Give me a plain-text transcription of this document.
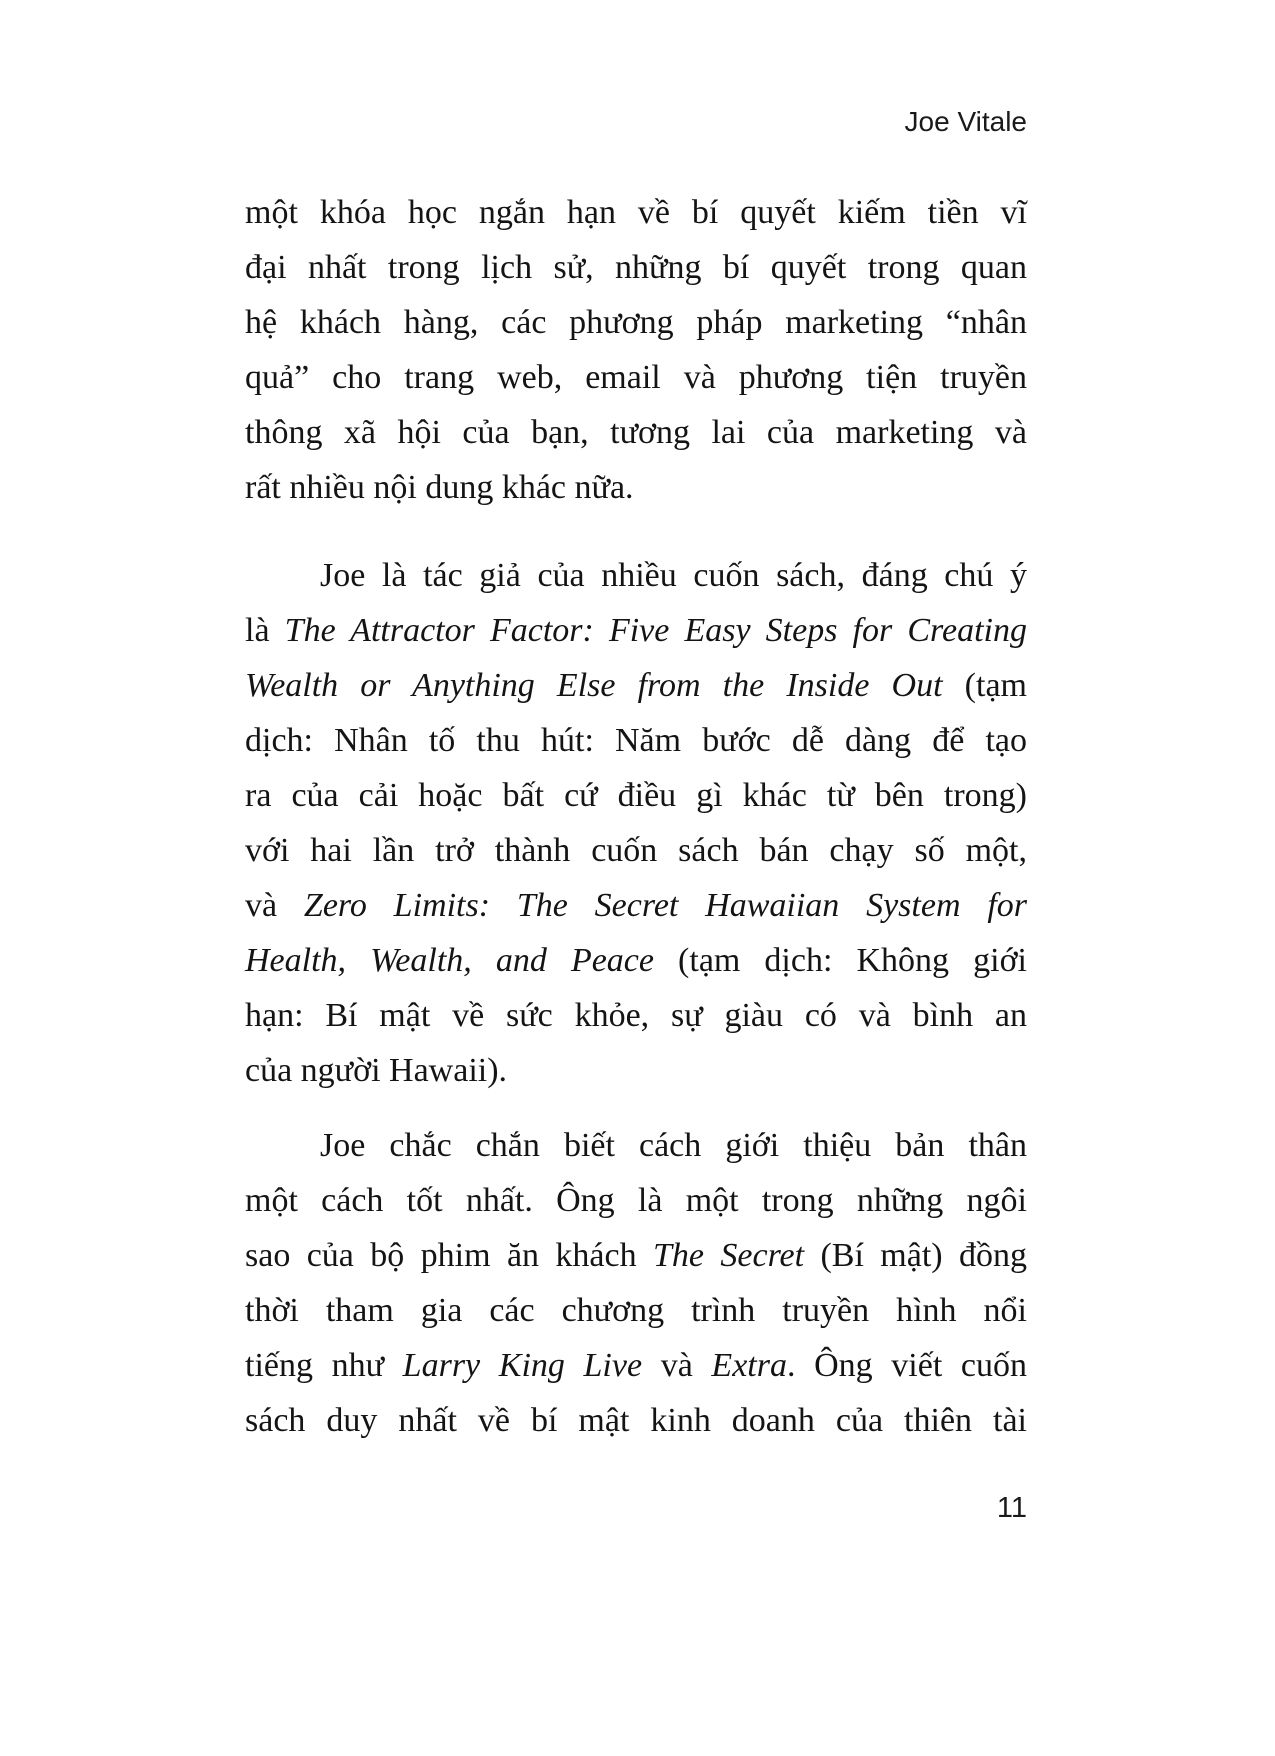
Joe Vitale
một khóa học ngắn hạn về bí quyết kiếm tiền vĩ
đại nhất trong lịch sử, những bí quyết trong quan
hệ khách hàng, các phương pháp marketing “nhân
quả” cho trang web, email và phương tiện truyền
thông xã hội của bạn, tương lai của marketing và
rất nhiều nội dung khác nữa.
Joe là tác giả của nhiều cuốn sách, đáng chú ý
là The Attractor Factor: Five Easy Steps for Creating
Wealth or Anything Else from the Inside Out (tạm
dịch: Nhân tố thu hút: Năm bước dễ dàng để tạo
ra của cải hoặc bất cứ điều gì khác từ bên trong)
với hai lần trở thành cuốn sách bán chạy số một,
và Zero Limits: The Secret Hawaiian System for
Health, Wealth, and Peace (tạm dịch: Không giới
hạn: Bí mật về sức khỏe, sự giàu có và bình an
của người Hawaii).
Joe chắc chắn biết cách giới thiệu bản thân
một cách tốt nhất. Ông là một trong những ngôi
sao của bộ phim ăn khách The Secret (Bí mật) đồng
thời tham gia các chương trình truyền hình nổi
tiếng như Larry King Live và Extra. Ông viết cuốn
sách duy nhất về bí mật kinh doanh của thiên tài
11
